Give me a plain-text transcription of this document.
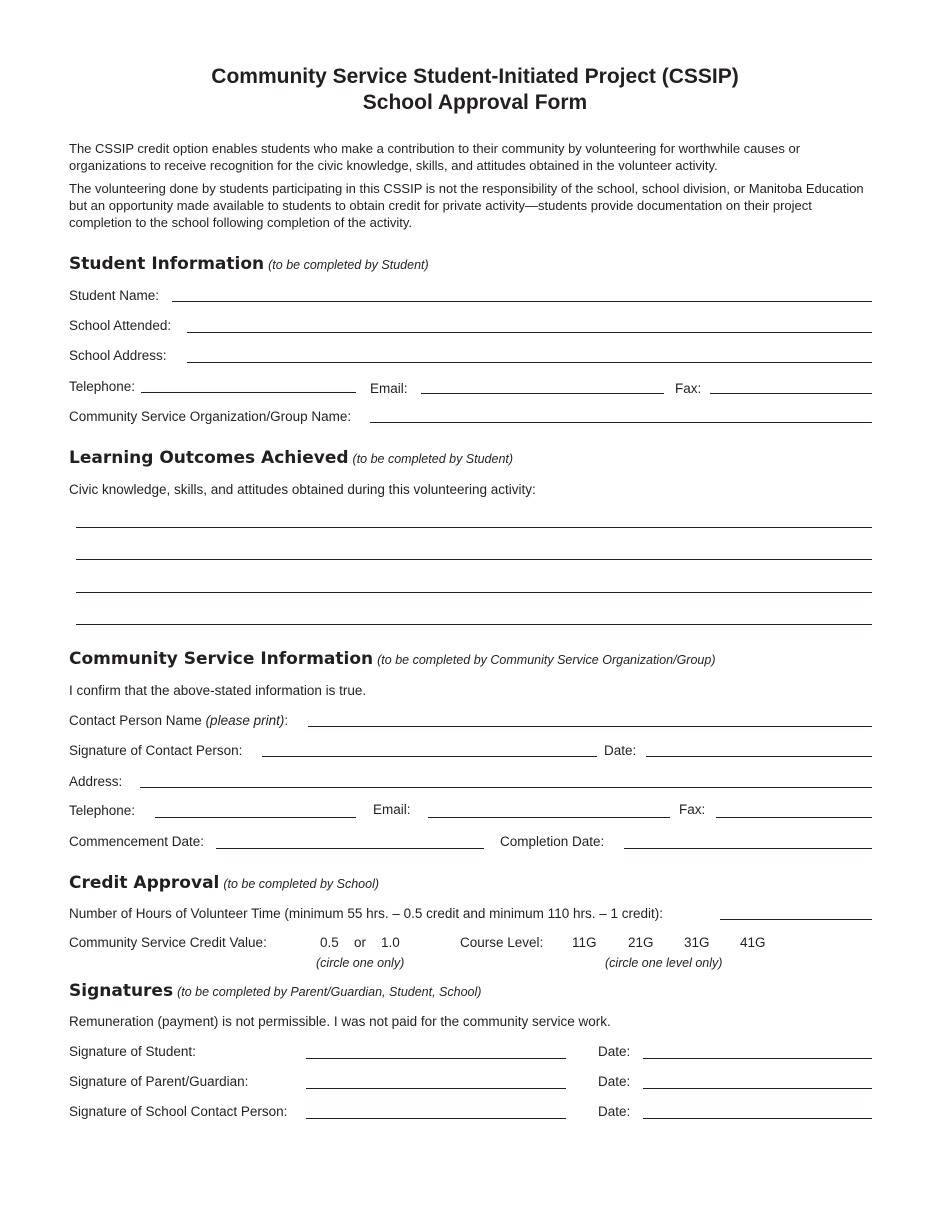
Community Service Student-Initiated Project (CSSIP)
School Approval Form

The CSSIP credit option enables students who make a contribution to their community by volunteering for worthwhile causes or organizations to receive recognition for the civic knowledge, skills, and attitudes obtained in the volunteer activity.

The volunteering done by students participating in this CSSIP is not the responsibility of the school, school division, or Manitoba Education but an opportunity made available to students to obtain credit for private activity—students provide documentation on their project completion to the school following completion of the activity.

Student Information (to be completed by Student)
Student Name:
School Attended:
School Address:
Telephone:	Email:	Fax:
Community Service Organization/Group Name:
Learning Outcomes Achieved (to be completed by Student)
Civic knowledge, skills, and attitudes obtained during this volunteering activity:
Community Service Information (to be completed by Community Service Organization/Group)
I confirm that the above-stated information is true.
Contact Person Name (please print):
Signature of Contact Person:	Date:
Address:
Telephone:	Email:	Fax:
Commencement Date:	Completion Date:
Credit Approval (to be completed by School)
Number of Hours of Volunteer Time (minimum 55 hrs. – 0.5 credit and minimum 110 hrs. – 1 credit):
Community Service Credit Value:	0.5 or 1.0
(circle one only)
Course Level: 11G 21G 31G 41G
(circle one level only)
Signatures (to be completed by Parent/Guardian, Student, School)
Remuneration (payment) is not permissible. I was not paid for the community service work.
Signature of Student:	Date:
Signature of Parent/Guardian:	Date:
Signature of School Contact Person:	Date:
